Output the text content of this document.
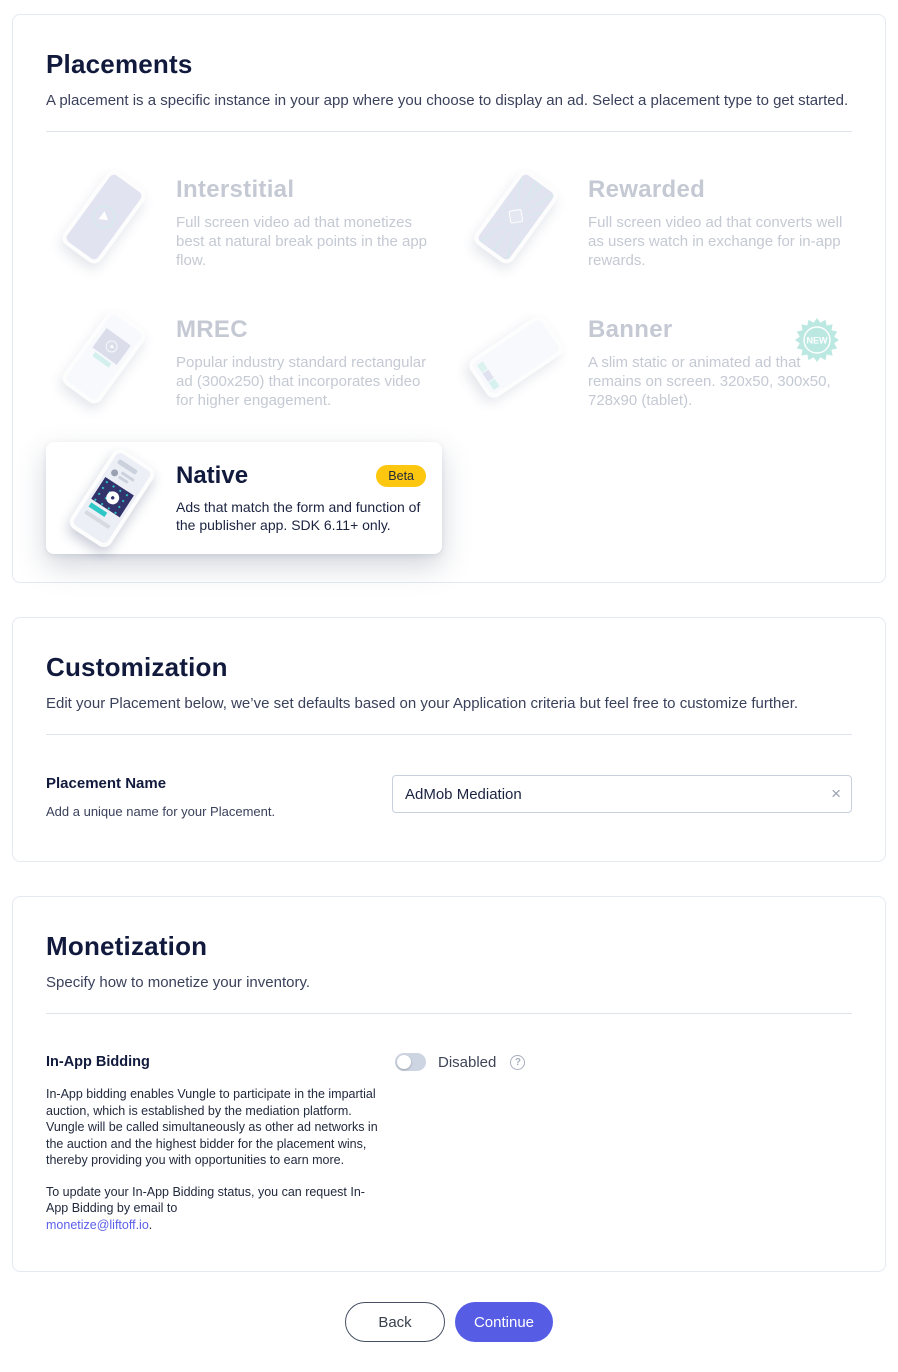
Placements

A placement is a specific instance in your app where you choose to display an ad. Select a placement type to get started.

Interstitial
Full screen video ad that monetizes best at natural break points in the app flow.
Rewarded
Full screen video ad that converts well as users watch in exchange for in-app rewards.
MREC
Popular industry standard rectangular ad (300x250) that incorporates video for higher engagement.
Banner
A slim static or animated ad that remains on screen. 320x50, 300x50, 728x90 (tablet).
NEW
Native	Beta
Ads that match the form and function of the publisher app. SDK 6.11+ only.
Customization

Edit your Placement below, we’ve set defaults based on your Application criteria but feel free to customize further.

Placement Name
Add a unique name for your Placement.
AdMob Mediation
×
Monetization

Specify how to monetize your inventory.

In-App Bidding

In-App bidding enables Vungle to participate in the impartial auction, which is established by the mediation platform. Vungle will be called simultaneously as other ad networks in the auction and the highest bidder for the placement wins, thereby providing you with opportunities to earn more.

To update your In-App Bidding status, you can request In-App Bidding by email to
monetize@liftoff.io.

Disabled	?
Back	Continue
